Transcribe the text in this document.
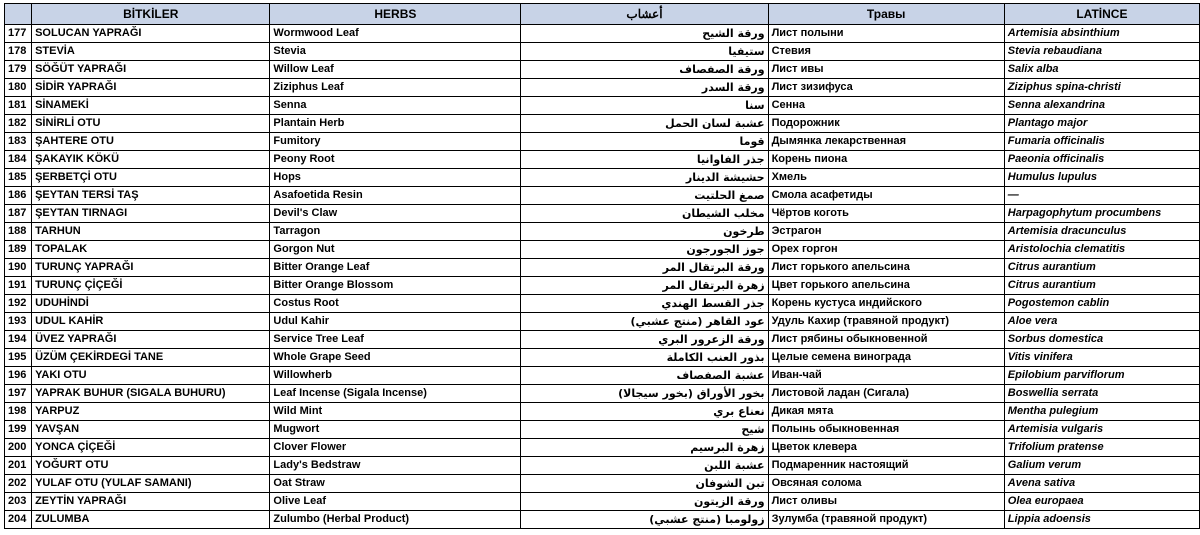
	BİTKİLER	HERBS	أعشاب	Травы	LATİNCE
177	SOLUCAN YAPRAĞI	Wormwood Leaf	ورقة الشيح	Лист полыни	Artemisia absinthium
178	STEVİA	Stevia	ستيفيا	Стевия	Stevia rebaudiana
179	SÖĞÜT YAPRAĞI	Willow Leaf	ورقة الصفصاف	Лист ивы	Salix alba
180	SİDİR YAPRAĞI	Ziziphus Leaf	ورقة السدر	Лист зизифуса	Ziziphus spina-christi
181	SİNAMEKİ	Senna	سنا	Сенна	Senna alexandrina
182	SİNİRLİ OTU	Plantain Herb	عشبة لسان الحمل	Подорожник	Plantago major
183	ŞAHTERE OTU	Fumitory	قوما	Дымянка лекарственная	Fumaria officinalis
184	ŞAKAYIK KÖKÜ	Peony Root	جذر الفاوانيا	Корень пиона	Paeonia officinalis
185	ŞERBETÇİ OTU	Hops	حشيشة الدينار	Хмель	Humulus lupulus
186	ŞEYTAN TERSİ TAŞ	Asafoetida Resin	صمغ الحلتيت	Смола асафетиды	—
187	ŞEYTAN TIRNAGI	Devil's Claw	مخلب الشيطان	Чёртов коготь	Harpagophytum procumbens
188	TARHUN	Tarragon	طرخون	Эстрагон	Artemisia dracunculus
189	TOPALAK	Gorgon Nut	جوز الجورجون	Орех горгон	Aristolochia clematitis
190	TURUNÇ YAPRAĞI	Bitter Orange Leaf	ورقة البرتقال المر	Лист горького апельсина	Citrus aurantium
191	TURUNÇ ÇİÇEĞİ	Bitter Orange Blossom	زهرة البرتقال المر	Цвет горького апельсина	Citrus aurantium
192	UDUHİNDİ	Costus Root	جذر القسط الهندي	Корень кустуса индийского	Pogostemon cablin
193	UDUL KAHİR	Udul Kahir	عود القاهر (منتج عشبي)	Удуль Кахир (травяной продукт)	Aloe vera
194	ÜVEZ YAPRAĞI	Service Tree Leaf	ورقة الزعرور البري	Лист рябины обыкновенной	Sorbus domestica
195	ÜZÜM ÇEKİRDEGİ TANE	Whole Grape Seed	بذور العنب الكاملة	Целые семена винограда	Vitis vinifera
196	YAKI OTU	Willowherb	عشبة الصفصاف	Иван-чай	Epilobium parviflorum
197	YAPRAK BUHUR (SIGALA BUHURU)	Leaf Incense (Sigala Incense)	بخور الأوراق (بخور سيجالا)	Листовой ладан (Сигала)	Boswellia serrata
198	YARPUZ	Wild Mint	نعناع بري	Дикая мята	Mentha pulegium
199	YAVŞAN	Mugwort	شيح	Полынь обыкновенная	Artemisia vulgaris
200	YONCA ÇİÇEĞİ	Clover Flower	زهرة البرسيم	Цветок клевера	Trifolium pratense
201	YOĞURT OTU	Lady's Bedstraw	عشبة اللبن	Подмаренник настоящий	Galium verum
202	YULAF OTU (YULAF SAMANI)	Oat Straw	تبن الشوفان	Овсяная солома	Avena sativa
203	ZEYTİN YAPRAĞI	Olive Leaf	ورقة الزيتون	Лист оливы	Olea europaea
204	ZULUMBA	Zulumbo (Herbal Product)	زولومبا (منتج عشبي)	Зулумба (травяной продукт)	Lippia adoensis
